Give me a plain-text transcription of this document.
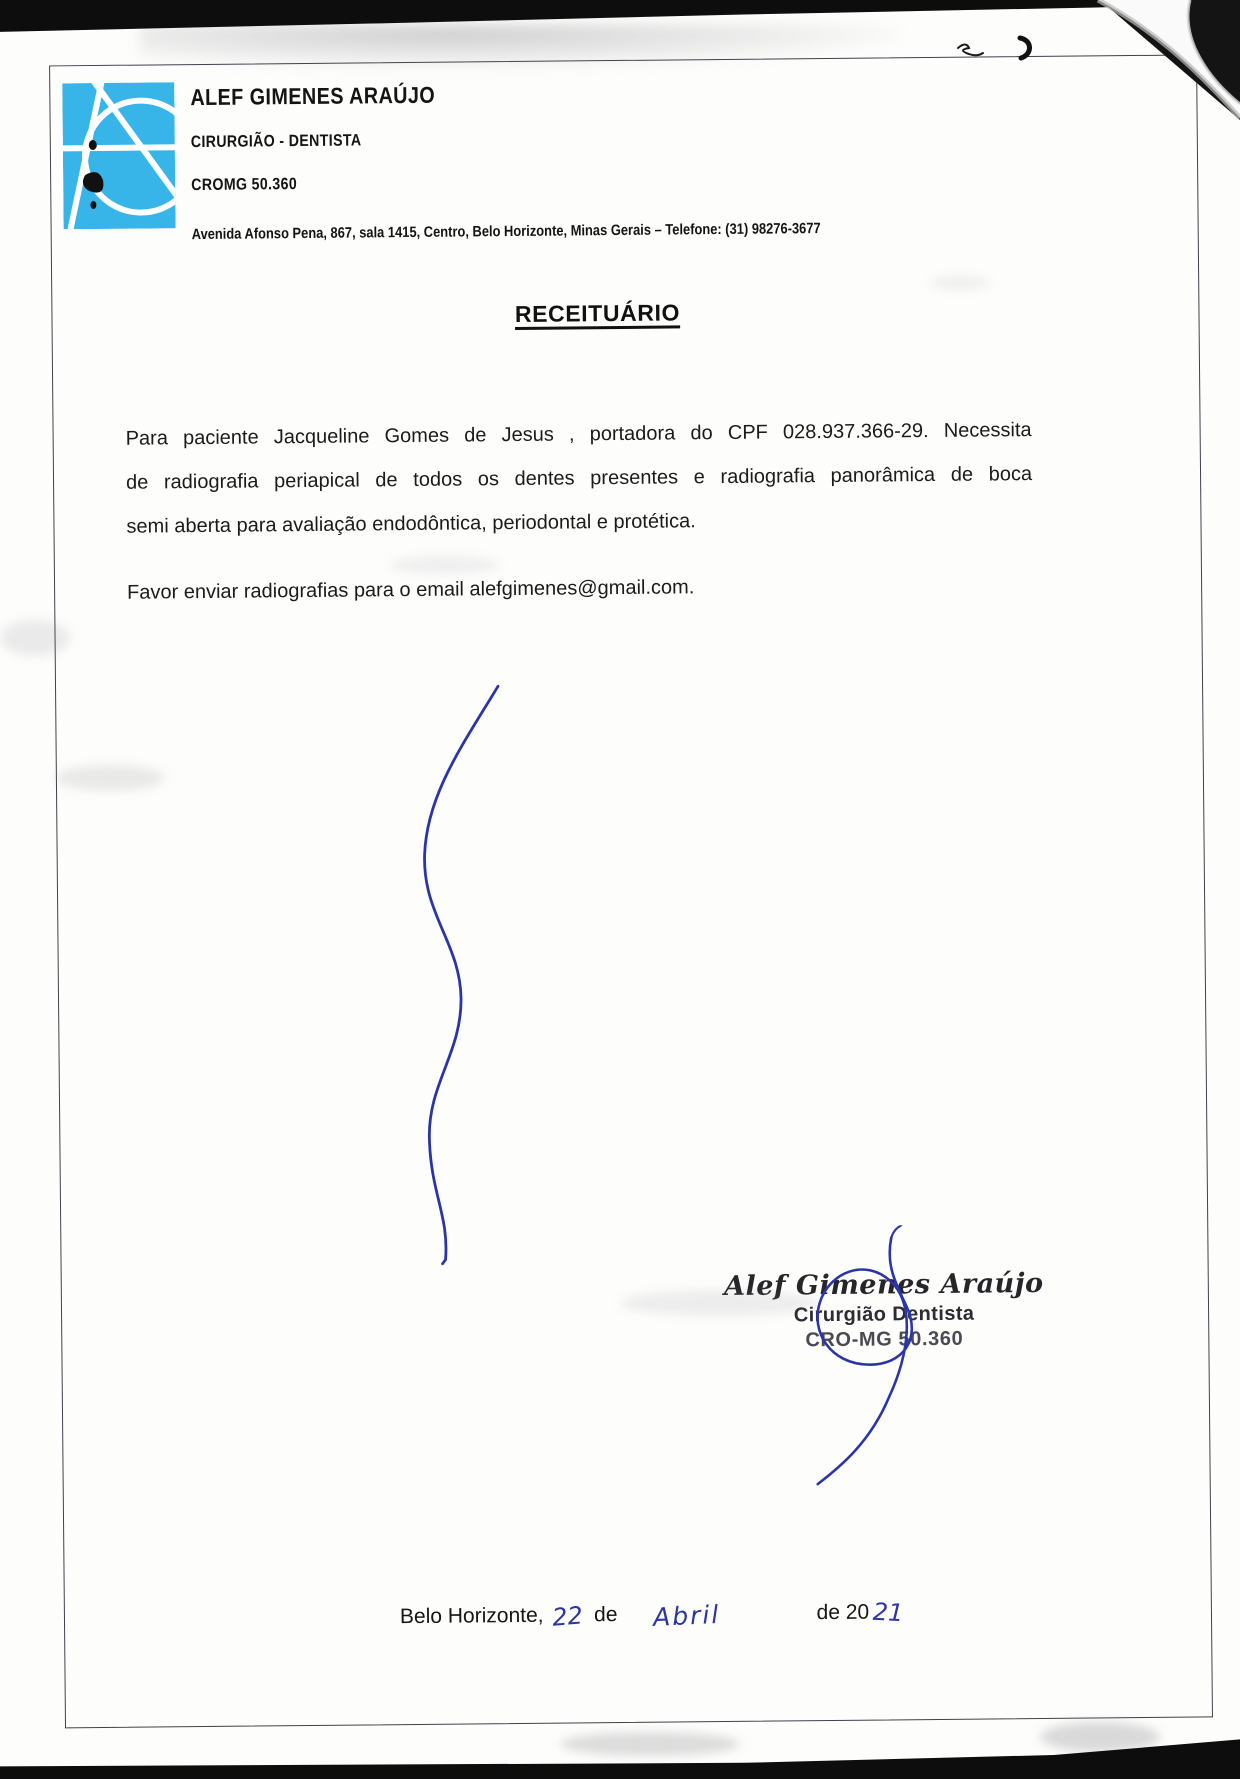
ALEF GIMENES ARAÚJO
CIRURGIÃO - DENTISTA
CROMG 50.360
Avenida Afonso Pena, 867, sala 1415, Centro, Belo Horizonte, Minas Gerais – Telefone: (31) 98276-3677
RECEITUÁRIO
Para paciente Jacqueline Gomes de Jesus , portadora do CPF 028.937.366-29. Necessita
de radiografia periapical de todos os dentes presentes e radiografia panorâmica de boca
semi aberta para avaliação endodôntica, periodontal e protética.
Favor enviar radiografias para o email alefgimenes@gmail.com.
Alef Gimenes Araújo
Cirurgião Dentista
CRO-MG 50.360
Belo Horizonte, 22 de Abril	de 20 21
